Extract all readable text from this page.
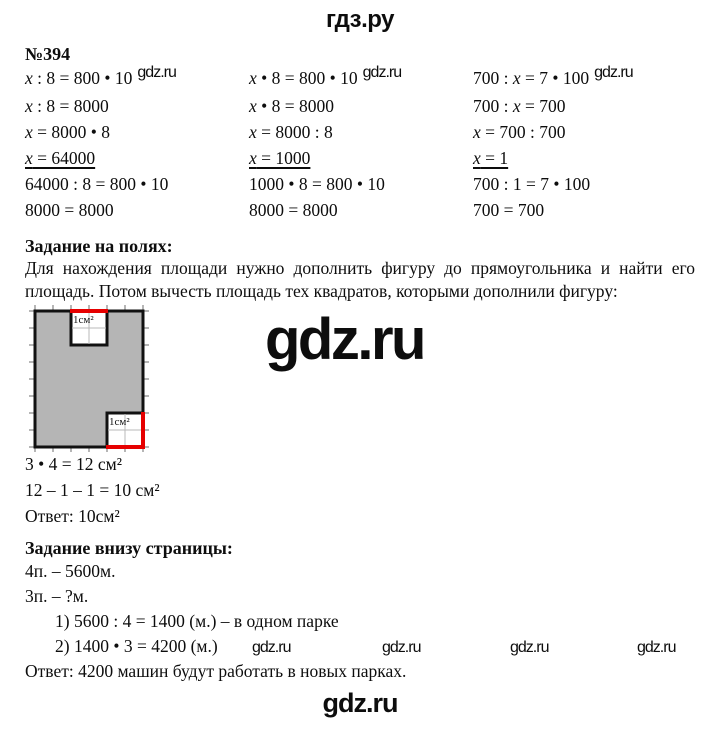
гдз.ру
№394
x : 8 = 800 • 10 gdz.ru
x : 8 = 8000
x = 8000 • 8
x = 64000
64000 : 8 = 800 • 10
8000 = 8000
x • 8 = 800 • 10 gdz.ru
x • 8 = 8000
x = 8000 : 8
x = 1000
1000 • 8 = 800 • 10
8000 = 8000
700 : x = 7 • 100 gdz.ru
700 : x = 700
x = 700 : 700
x = 1
700 : 1 = 7 • 100
700 = 700
Задание на полях:
Для нахождения площади нужно дополнить фигуру до прямоугольника и найти его площадь. Потом вычесть площадь тех квадратов, которыми дополнили фигуру:
1см²
1см²
gdz.ru
3 • 4 = 12 см²
12 – 1 – 1 = 10 см²
Ответ: 10см²
Задание внизу страницы:
4п. – 5600м.
3п. – ?м.
1) 5600 : 4 = 1400 (м.) – в одном парке
2) 1400 • 3 = 4200 (м.) gdz.ru	gdz.ru	gdz.ru	gdz.ru
Ответ: 4200 машин будут работать в новых парках.
gdz.ru
